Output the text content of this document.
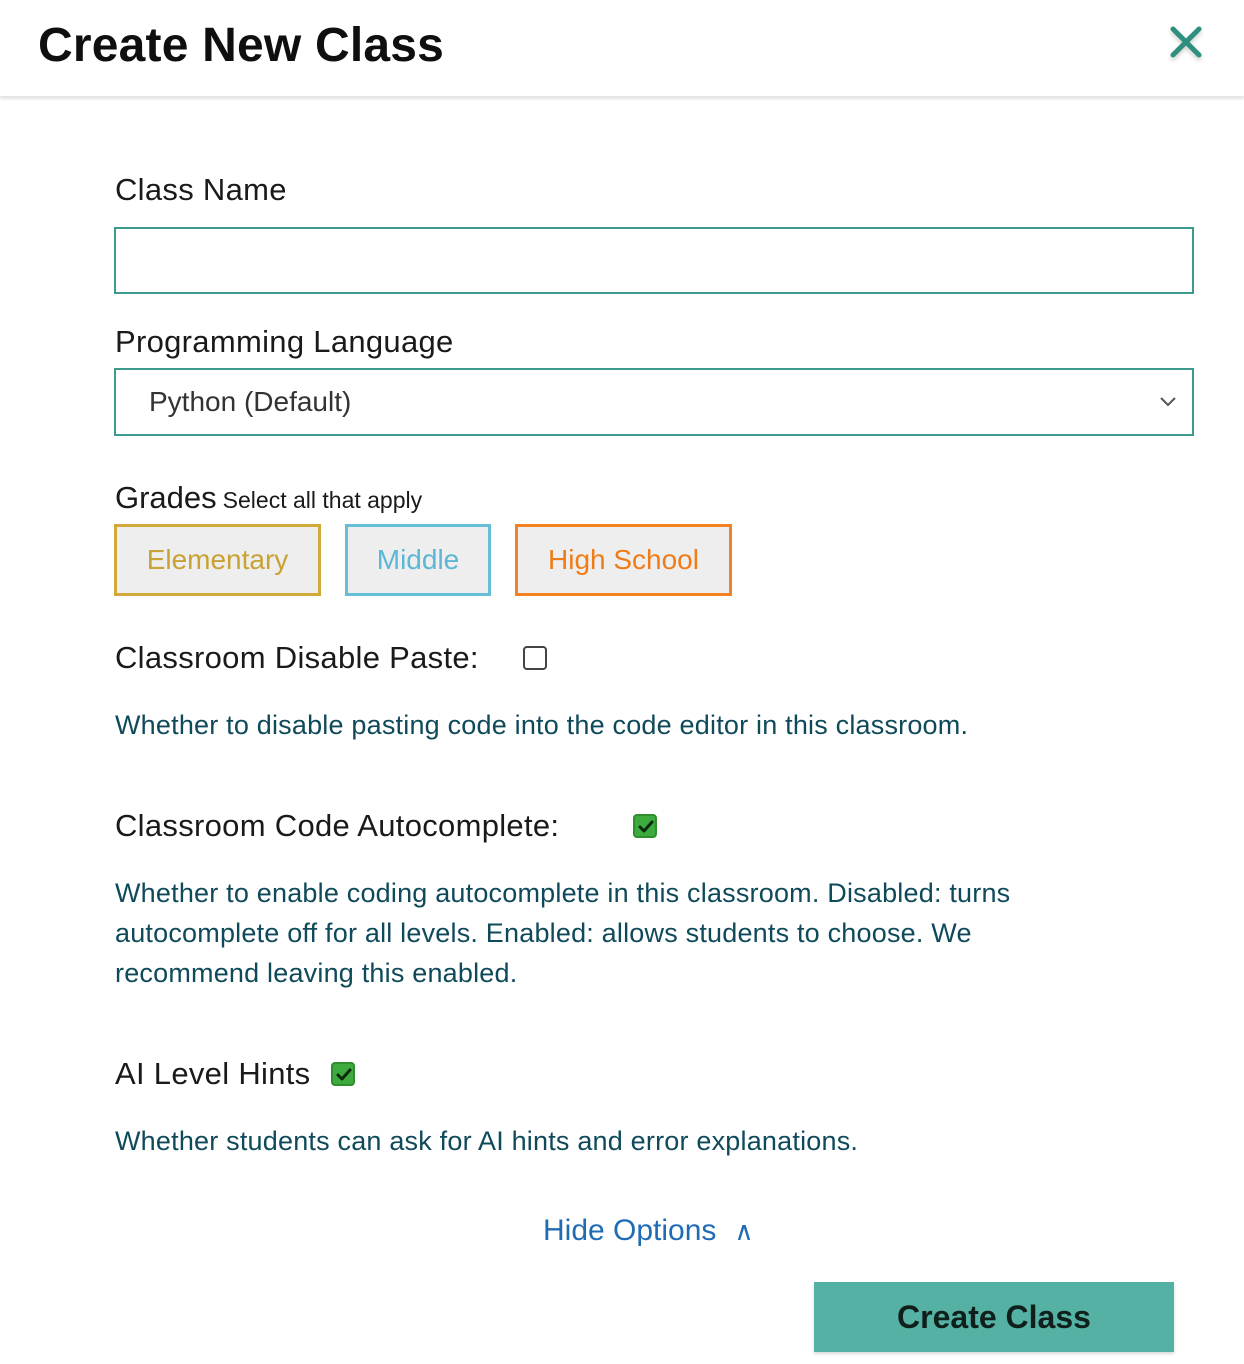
Create New Class
Class Name
Programming Language
Python (Default)
Grades Select all that apply
Elementary	Middle	High School
Classroom Disable Paste:
Whether to disable pasting code into the code editor in this classroom.
Classroom Code Autocomplete:
Whether to enable coding autocomplete in this classroom. Disabled: turns
autocomplete off for all levels. Enabled: allows students to choose. We
recommend leaving this enabled.
AI Level Hints
Whether students can ask for AI hints and error explanations.
Hide Options ∧
Create Class
